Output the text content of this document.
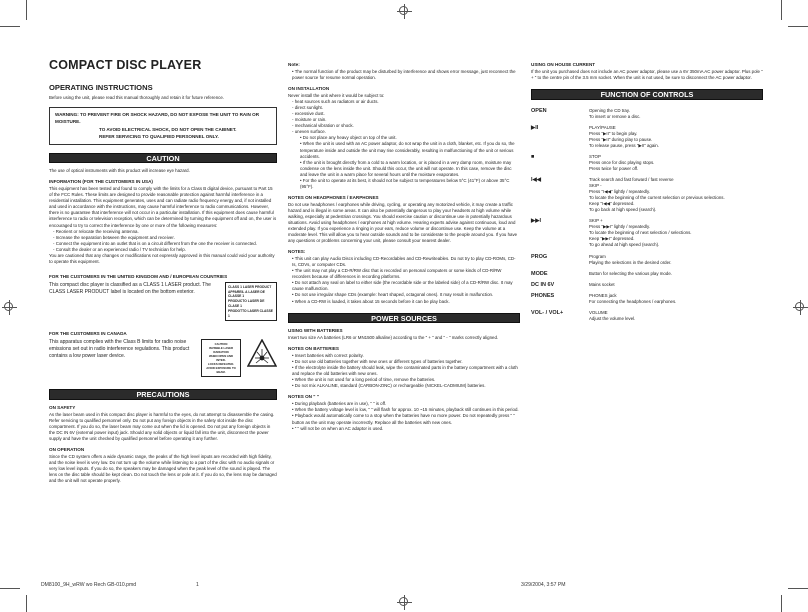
COMPACT DISC PLAYER
OPERATING INSTRUCTIONS

Before using the unit, please read this manual thoroughly and retain it for future reference.

WARNING: TO PREVENT FIRE OR SHOCK HAZARD, DO NOT EXPOSE THE UNIT TO RAIN OR MOISTURE.
TO AVOID ELECTRICAL SHOCK, DO NOT OPEN THE CABINET.
REFER SERVICING TO QUALIFIED PERSONNEL ONLY.
CAUTION

The use of optical instruments with this product will increase eye hazard.

INFORMATION (FOR THE CUSTOMERS IN USA)

This equipment has been tested and found to comply with the limits for a Class B digital device, pursuant to Part 15 of the FCC Rules. These limits are designed to provide reasonable protection against harmful interference in a residential installation. This equipment generates, uses and can radiate radio frequency energy and, if not installed and used in accordance with the instructions, may cause harmful interference to radio communications. However, there is no guarantee that interference will not occur in a particular installation. If this equipment does cause harmful interference to radio or television reception, which can be determined by turning the equipment off and on, the user is encouraged to try to correct the interference by one or more of the following measures:

- Reorient or relocate the receiving antenna.
- Increase the separation between the equipment and receiver.
- Connect the equipment into an outlet that is on a circuit different from the one the receiver is connected.
- Consult the dealer or an experienced radio / TV technician for help.

You are cautioned that any changes or modifications not expressly approved in this manual could void your authority to operate this equipment.

FOR THE CUSTOMERS IN THE UNITED KINGDOM AND / EUROPEAN COUNTRIES

This compact disc player is classified as a CLASS 1 LASER product. The CLASS LASER PRODUCT label is located on the bottom exterior.

CLASS 1 LASER PRODUCT
APPAREIL A LASER DE CLASSE 1
PRODUCTO LASER DE CLASE 1
PRODOTTO LASER CLASSE 1
FOR THE CUSTOMERS IN CANADA

This apparatus complies with the Class B limits for radio noise emissions set out in radio interference regulations. This product contains a low power laser device.

CAUTION
INVISIBLE LASER RADIATION
WHEN OPEN AND INTER-
LOCKS DEFEATED.
AVOID EXPOSURE TO BEAM.
PRECAUTIONS
ON SAFETY

As the laser beam used in this compact disc player is harmful to the eyes, do not attempt to disassemble the casing. Refer servicing to qualified personnel only. Do not put any foreign objects in the safety slot inside the disc compartment. If you do so, the laser beam may come out when the lid is opened. Do not put any foreign objects in the DC IN 6V (external power input) jack. Should any solid objects or liquid fall into the unit, disconnect the power supply and have the unit checked by qualified personnel before operating it any further.

ON OPERATION

Since the CD system offers a wide dynamic range, the peaks of the high level inputs are recorded with high fidelity, and the noise level is very low. Do not turn up the volume while listening to a part of the disc with no audio signals or very low level inputs. If you do so, the speakers may be damaged when the peak level of the sound is played. The lens on the disc table should be kept clean. Do not touch the lens or pole at it. If you do so, the lens may be damaged and the unit will not operate properly.

Note:
• The normal function of the product may be disturbed by interference and shows error message, just reconnect the power source for resume normal operation.
ON INSTALLATION

Never install the unit where it would be subject to:

- heat sources such as radiators or air ducts.
- direct sunlight.
- excessive dust.
- moisture or rain.
- mechanical vibration or shock.
- uneven surface.
• Do not place any heavy object on top of the unit.
• When the unit is used with an AC power adaptor, do not wrap the unit in a cloth, blanket, etc. If you do so, the temperature inside and outside the unit may rise considerably, resulting in malfunctioning of the unit or serious accidents.
• If the unit is brought directly from a cold to a warm location, or is placed in a very damp room, moisture may condense on the lens inside the unit. Should this occur, the unit will not operate. In this case, remove the disc and leave the unit in a warm place for several hours until the moisture evaporates.
• For the unit to operate at its best, it should not be subject to temperatures below 5°C (41°F) or above 35°C (95°F).
NOTES ON HEADPHONES / EARPHONES

Do not use headphones / earphones while driving, cycling, or operating any motorized vehicle, it may create a traffic hazard and is illegal in some areas. It can also be potentially dangerous to play your headsets at high volume while walking, especially at pedestrian crossings. You should exercise caution or discontinue use in potentially hazardous situations. Avoid using headphones / earphones at high volume. Hearing experts advise against continuous, loud and extended play. If you experience a ringing in your ears, reduce volume or discontinue use. Keep the volume at a moderate level. This will allow you to hear outside sounds and to be considerate to the people around you. If you have any questions or problems concerning your unit, please consult your nearest dealer.

NOTES:
• This unit can play Audio Discs including CD-Recordables and CD-Rewriteables. Do not try to play CD-ROMs, CD-Is, CDVs, or computer CDs.
• The unit may not play a CD-R/RW disc that is recorded on personal computers or some kinds of CD-R/RW recorders because of differences in recording platforms.
• Do not attach any seal on label to either side (the recordable side or the labeled side) of a CD-R/RW disc. It may cause malfunction.
• Do not use irregular shape CDs (example: heart shaped, octagonal ones). It may result in malfunction.
• When a CD-RW is loaded, it takes about 15 seconds before it can be play back.
POWER SOURCES
USING WITH BATTERIES

Insert two size AA batteries (LR6 or MN1500 alkaline) according to the " + " and " - " marks correctly aligned.

NOTES ON BATTERIES
• Insert batteries with correct polarity.
• Do not use old batteries together with new ones or different types of batteries together.
• If the electrolyte inside the battery should leak, wipe the contaminated parts in the battery compartment with a cloth and replace the old batteries with new ones.
• When the unit is not used for a long period of time, remove the batteries.
• Do not mix ALKALINE, standard (CARBON-ZINC) or rechargeable (NICKEL-CADMIUM) batteries.
NOTES ON " "
• During playback (batteries are in use), " " is off.
• When the battery voltage level is low, " " will flash for approx. 10 ~15 minutes, playback still continues in this period.
• Playback would automatically come to a stop when the batteries have no more power. Do not repeatedly press " " button as the unit may operate incorrectly. Replace all the batteries with new ones.
• " " will not be on when an AC adaptor is used.
USING ON HOUSE CURRENT

If the unit you purchased does not include an AC power adaptor, please use a 6V 350mA AC power adaptor. Plus pole " + " to the centre pin of the 3.5 mm socket. When the unit is not used, be sure to disconnect the AC power adaptor.

FUNCTION OF CONTROLS
OPEN	Opening the CD tray.

To insert or remove a disc.

▶II	PLAY/PAUSE

Press "▶II" to begin play.

Press "▶II" during play to pause.

To release pause, press "▶II" again.

■	STOP

Press once for disc playing stops.

Press twice for power off.

I◀◀	Track search and fast forward / fast reverse

SKIP -

Press "I◀◀" lightly / repeatedly.

To locate the beginning of the current selection or previous selections.

Keep "I◀◀" depressed.

To go back at high speed (search).

▶▶I	SKIP +

Press "▶▶I" lightly / repeatedly.

To locate the beginning of next selection / selections.

Keep "▶▶I" depressed.

To go ahead at high speed (search).

PROG	Program

Playing the selections in the desired order.

MODE	Button for selecting the various play mode.

DC IN 6V	Mains socket

PHONES	PHONES jack

For connecting the headphones / earphones.

VOL- / VOL+	VOLUME

Adjust the volume level.

DM8100_9H_wRW wo Rech GB-010.pmd	1	3/29/2004, 3:57 PM
